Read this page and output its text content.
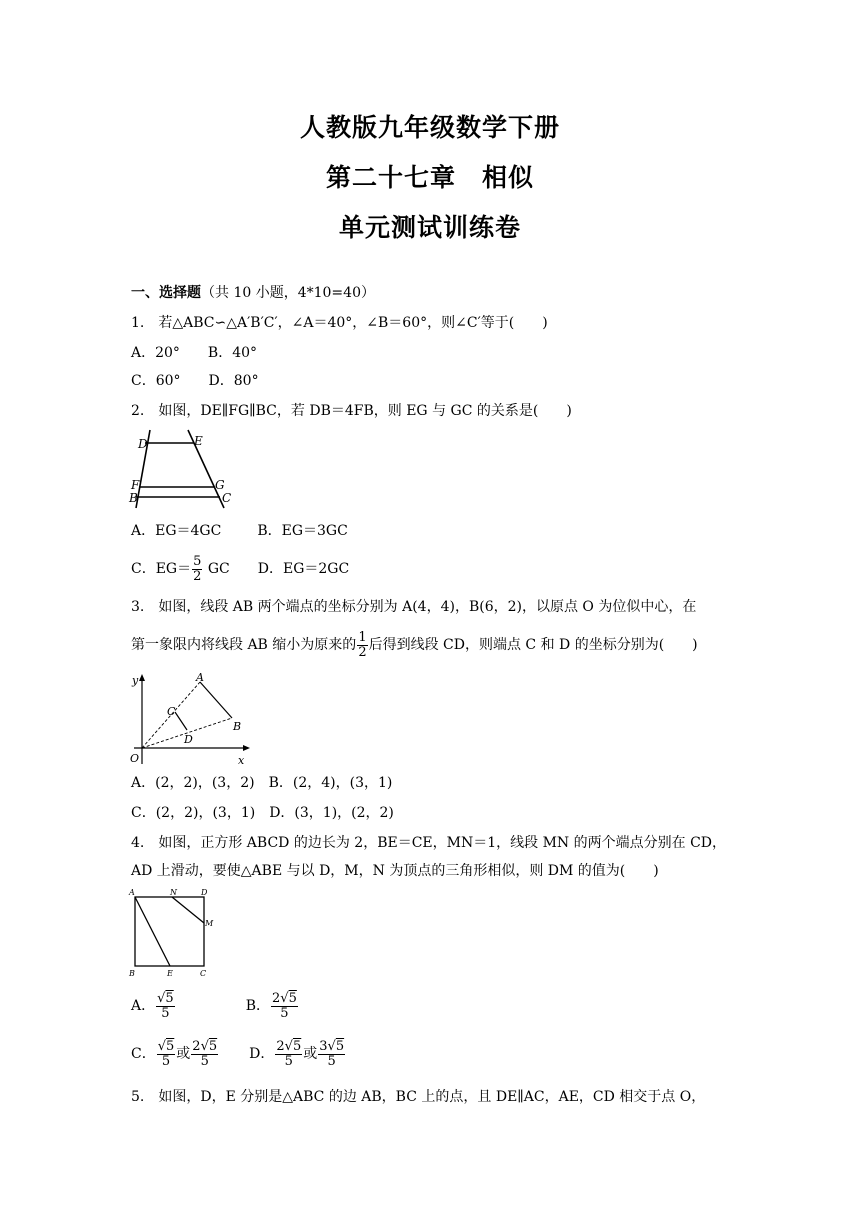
人教版九年级数学下册
第二十七章　相似
单元测试训练卷
一、选择题（共 10 小题，4*10=40）
1.　若△ABC∽△A′B′C′，∠A＝40°，∠B＝60°，则∠C′等于(　　)
A．20°　　B．40°
C．60°　　D．80°
2.　如图，DE∥FG∥BC，若 DB＝4FB，则 EG 与 GC 的关系是(　　)
D	E
F	G
B	C
A．EG＝4GC	B．EG＝3GC
C．$EG= \frac{5}{2}$ GC D．EG＝2GC
3.　如图，线段 AB 两个端点的坐标分别为 A(4，4)，B(6，2)，以原点 O 为位似中心，在
第一象限内将线段 AB 缩小为原来的 $\frac{1}{2}$ 后得到线段 CD，则端点 C 和 D 的坐标分别为(　　)
y
x
O
A
B
C
D
A．(2，2)，(3，2)　B．(2，4)，(3，1)
C．(2，2)，(3，1)　D．(3，1)，(2，2)
4.　如图，正方形 ABCD 的边长为 2，BE＝CE，MN＝1，线段 MN 的两个端点分别在 CD，
AD 上滑动，要使△ABE 与以 D，M，N 为顶点的三角形相似，则 DM 的值为(　　)
A	N	D
M
B	E	C
A． $\frac{√5}{5}$	B． $\frac{2√5}{5}$
C． $\frac{√5}{5}$ 或 $\frac{2√5}{5}$ D． $\frac{2√5}{5}$ 或 $\frac{3√5}{5}$
5.　如图，D，E 分别是△ABC 的边 AB，BC 上的点，且 DE∥AC，AE，CD 相交于点 O，
